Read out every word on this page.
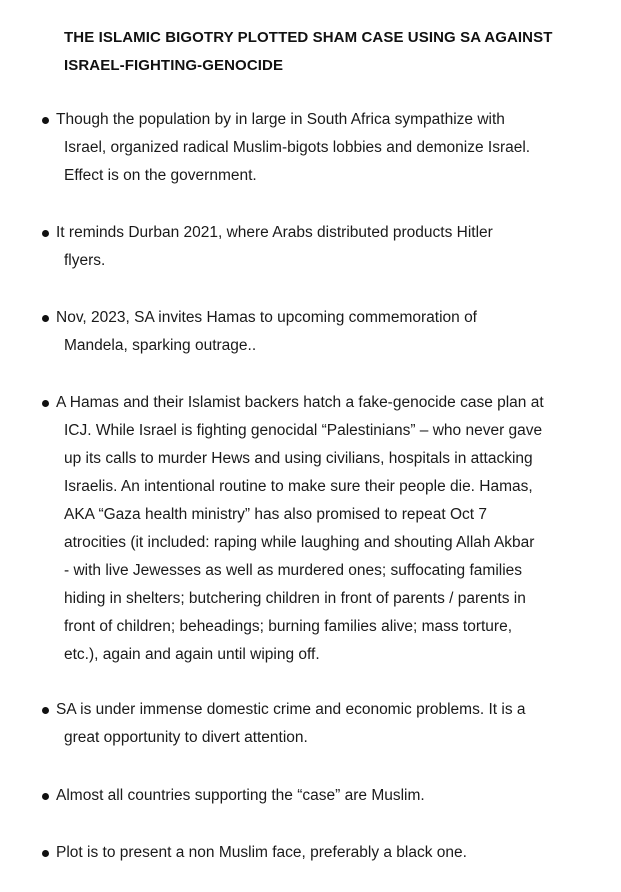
THE ISLAMIC BIGOTRY PLOTTED SHAM CASE USING SA AGAINST
ISRAEL-FIGHTING-GENOCIDE
Though the population by in large in South Africa sympathize with
Israel, organized radical Muslim-bigots lobbies and demonize Israel.
Effect is on the government.
It reminds Durban 2021, where Arabs distributed products Hitler
flyers.
Nov, 2023, SA invites Hamas to upcoming commemoration of
Mandela, sparking outrage..
A Hamas and their Islamist backers hatch a fake-genocide case plan at
ICJ. While Israel is fighting genocidal “Palestinians” – who never gave
up its calls to murder Hews and using civilians, hospitals in attacking
Israelis. An intentional routine to make sure their people die. Hamas,
AKA “Gaza health ministry” has also promised to repeat Oct 7
atrocities (it included: raping while laughing and shouting Allah Akbar
- with live Jewesses as well as murdered ones; suffocating families
hiding in shelters; butchering children in front of parents / parents in
front of children; beheadings; burning families alive; mass torture,
etc.), again and again until wiping off.
SA is under immense domestic crime and economic problems. It is a
great opportunity to divert attention.
Almost all countries supporting the “case” are Muslim.
Plot is to present a non Muslim face, preferably a black one.
